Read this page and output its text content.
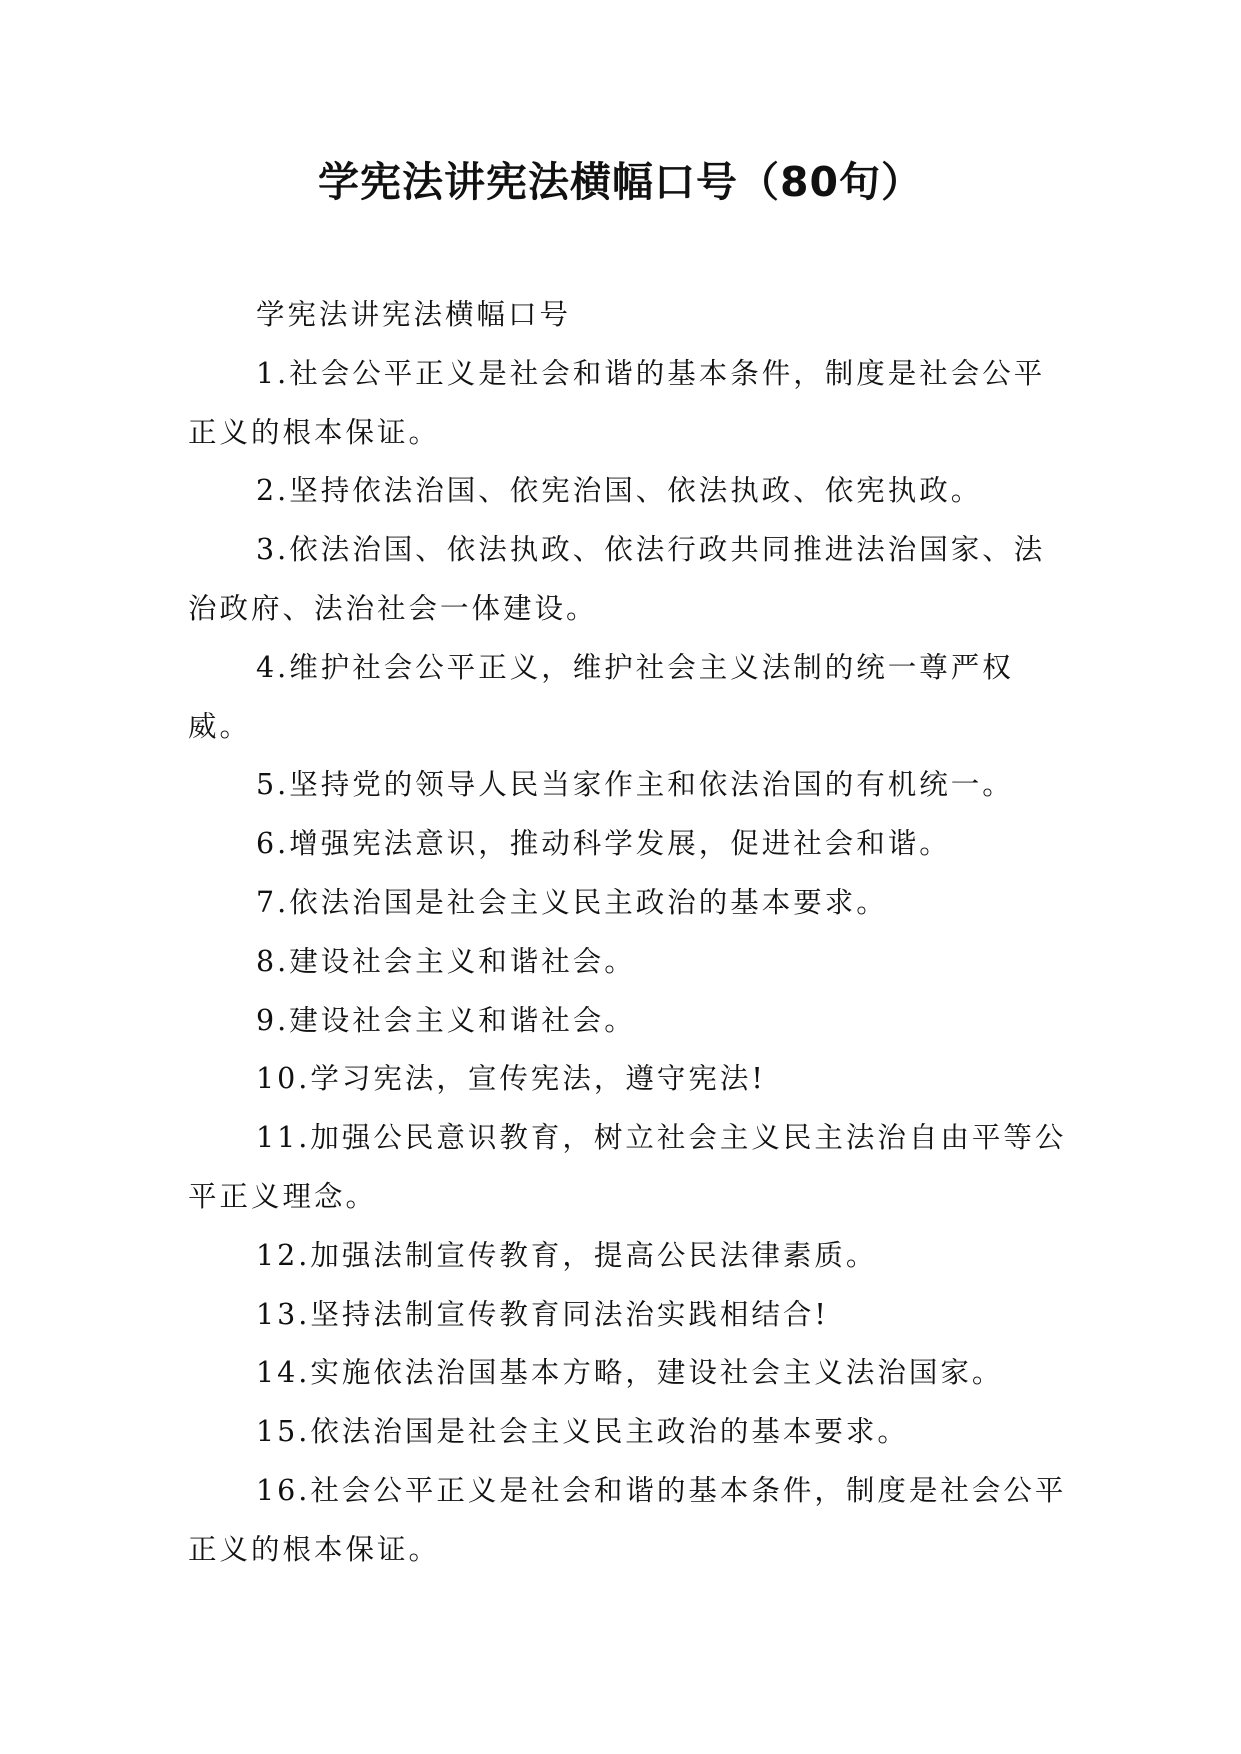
学宪法讲宪法横幅口号（80句）

学宪法讲宪法横幅口号

1.社会公平正义是社会和谐的基本条件，制度是社会公平正义的根本保证。

2.坚持依法治国、依宪治国、依法执政、依宪执政。

3.依法治国、依法执政、依法行政共同推进法治国家、法治政府、法治社会一体建设。

4.维护社会公平正义，维护社会主义法制的统一尊严权威。

5.坚持党的领导人民当家作主和依法治国的有机统一。

6.增强宪法意识，推动科学发展，促进社会和谐。

7.依法治国是社会主义民主政治的基本要求。

8.建设社会主义和谐社会。

9.建设社会主义和谐社会。

10.学习宪法，宣传宪法，遵守宪法!

11.加强公民意识教育，树立社会主义民主法治自由平等公平正义理念。

12.加强法制宣传教育，提高公民法律素质。

13.坚持法制宣传教育同法治实践相结合!

14.实施依法治国基本方略，建设社会主义法治国家。

15.依法治国是社会主义民主政治的基本要求。

16.社会公平正义是社会和谐的基本条件，制度是社会公平正义的根本保证。
